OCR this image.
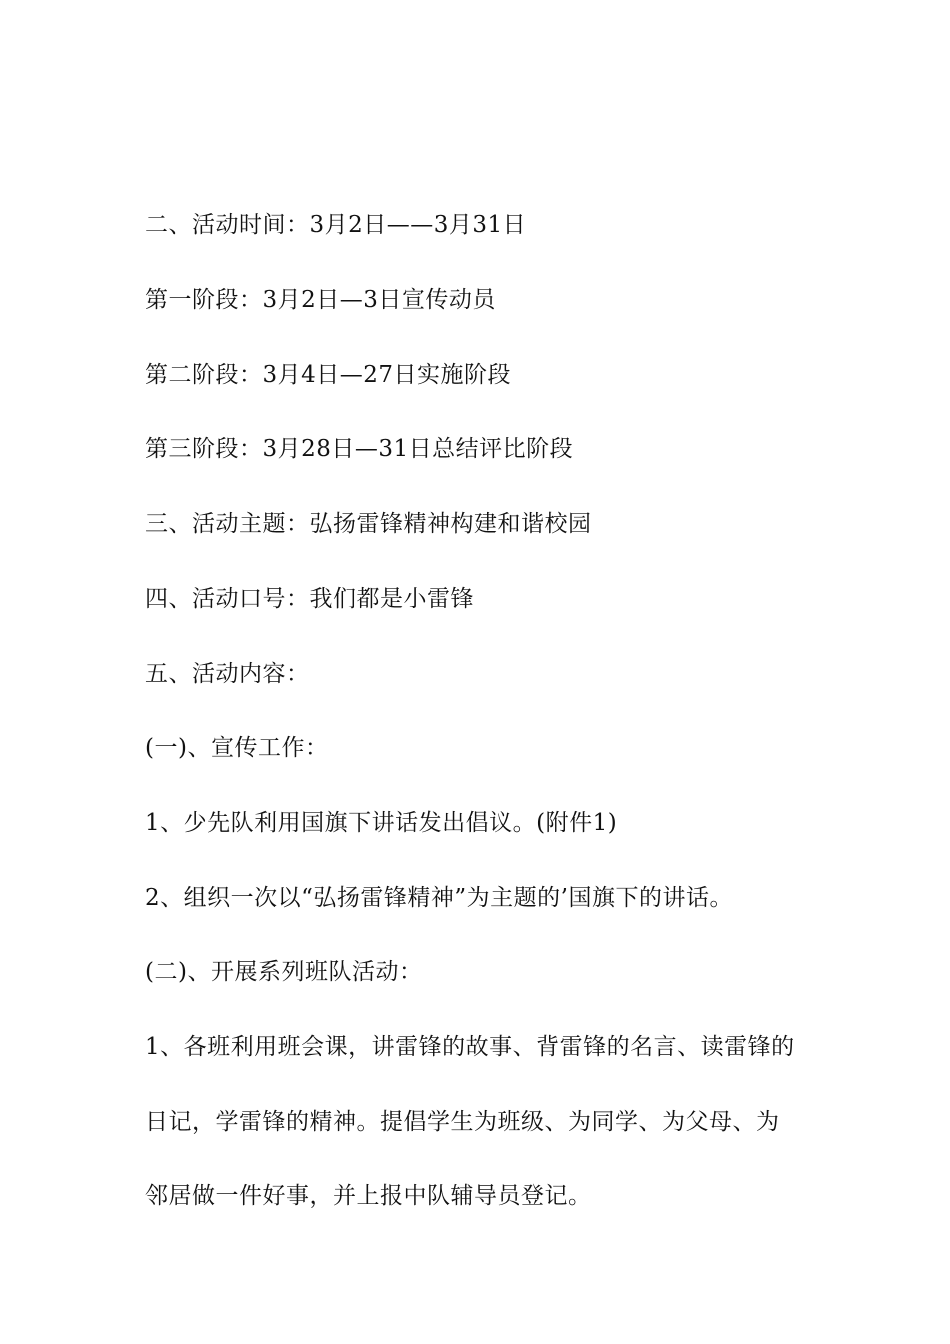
二、活动时间：3月2日——3月31日
第一阶段：3月2日—3日宣传动员
第二阶段：3月4日—27日实施阶段
第三阶段：3月28日—31日总结评比阶段
三、活动主题：弘扬雷锋精神构建和谐校园
四、活动口号：我们都是小雷锋
五、活动内容：
(一)、宣传工作：
1、少先队利用国旗下讲话发出倡议。(附件1)
2、组织一次以“弘扬雷锋精神”为主题的’国旗下的讲话。
(二)、开展系列班队活动：
1、各班利用班会课，讲雷锋的故事、背雷锋的名言、读雷锋的
日记，学雷锋的精神。提倡学生为班级、为同学、为父母、为
邻居做一件好事，并上报中队辅导员登记。
